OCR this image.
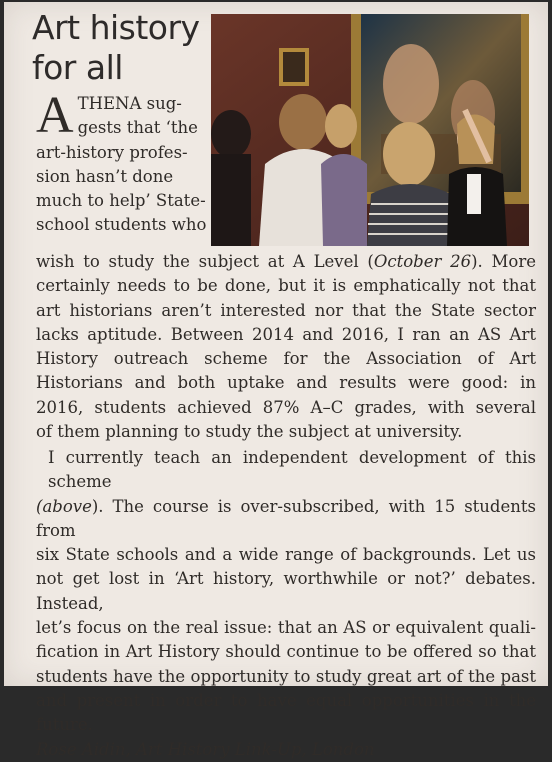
Art history
for all
A THENA sug-
gests that ‘the
art-history profes-
sion hasn’t done
much to help’ State-
school students who
wish to study the subject at A Level (October 26). More
certainly needs to be done, but it is emphatically not that
art historians aren’t interested nor that the State sector
lacks aptitude. Between 2014 and 2016, I ran an AS Art
History outreach scheme for the Association of Art
Historians and both uptake and results were good: in
2016, students achieved 87% A–C grades, with several
of them planning to study the subject at university.
I currently teach an independent development of this scheme
(above). The course is over-subscribed, with 15 students from
six State schools and a wide range of backgrounds. Let us
not get lost in ‘Art history, worthwhile or not?’ debates. Instead,
let’s focus on the real issue: that an AS or equivalent quali-
fication in Art History should continue to be offered so that
students have the opportunity to study great art of the past
and present in order to have equal opportunities in the future.
Rose Aidin, Art History Link-Up, London
